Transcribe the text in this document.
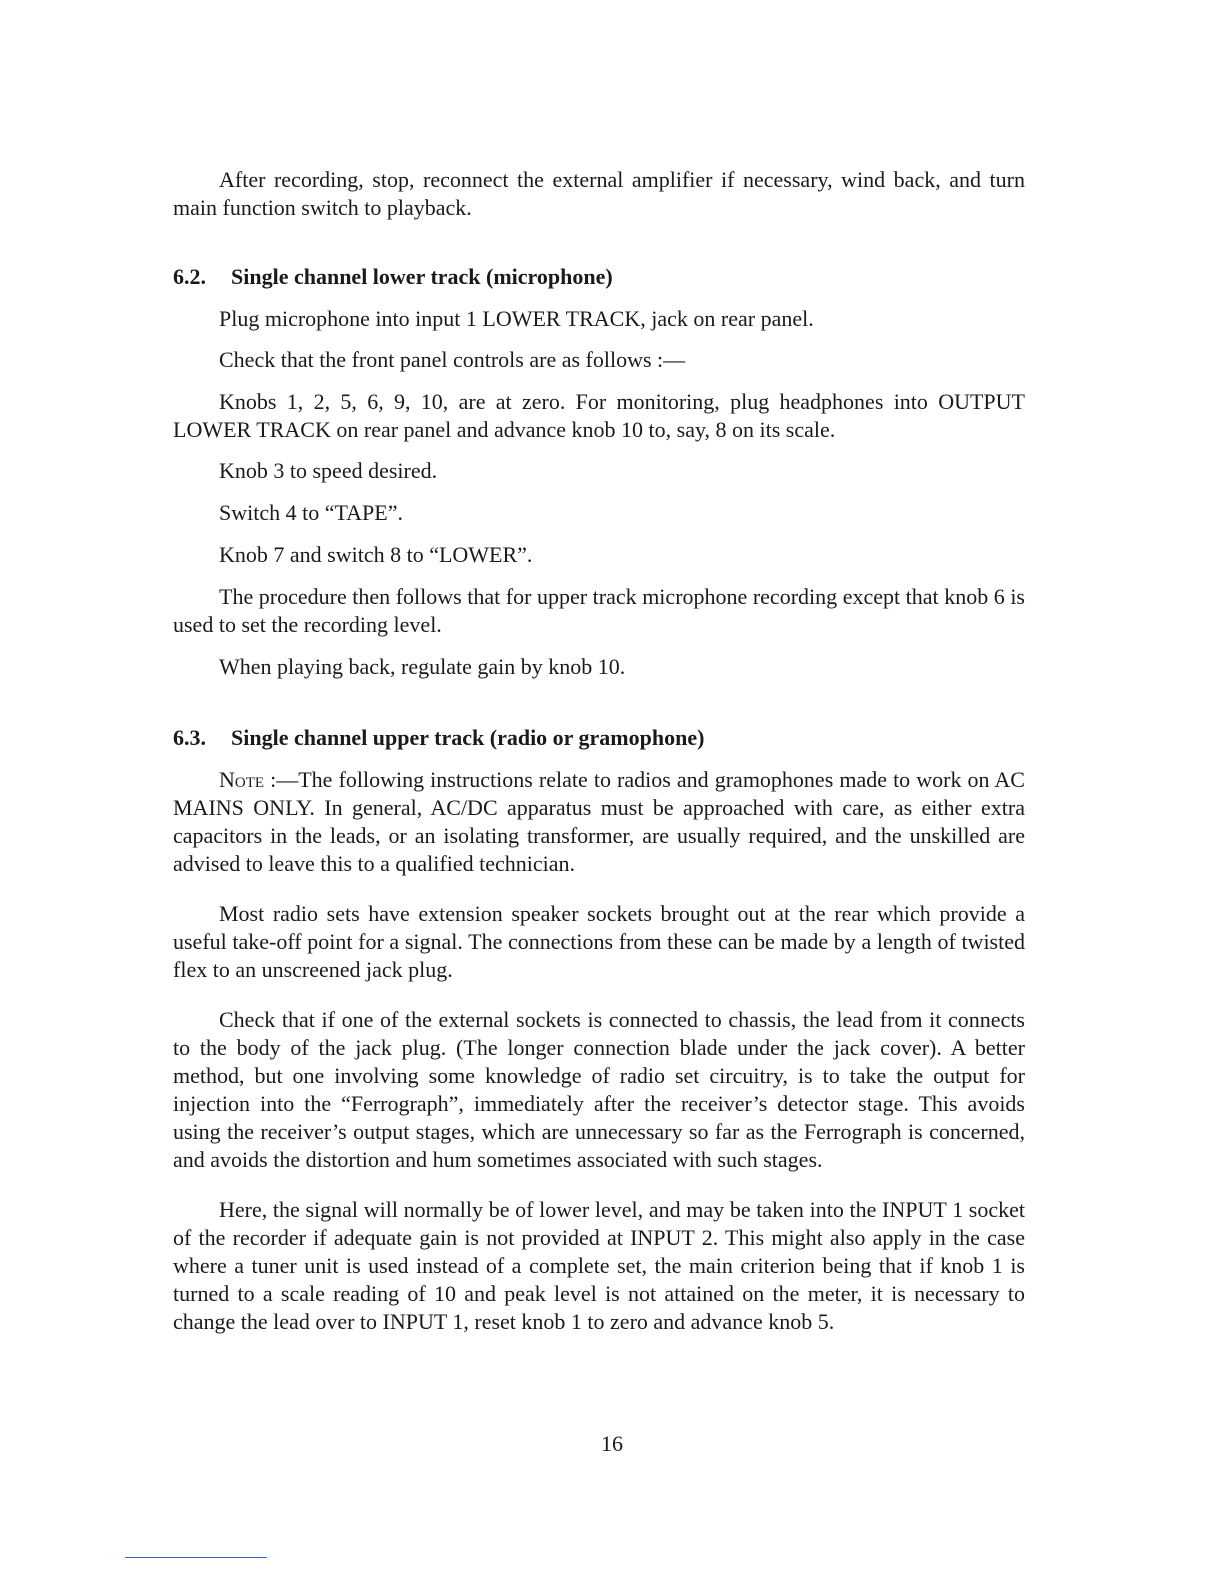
After recording, stop, reconnect the external amplifier if necessary, wind back, and turn main function switch to playback.

6.2. Single channel lower track (microphone)

Plug microphone into input 1 LOWER TRACK, jack on rear panel.

Check that the front panel controls are as follows :—

Knobs 1, 2, 5, 6, 9, 10, are at zero. For monitoring, plug headphones into OUTPUT LOWER TRACK on rear panel and advance knob 10 to, say, 8 on its scale.

Knob 3 to speed desired.

Switch 4 to “TAPE”.

Knob 7 and switch 8 to “LOWER”.

The procedure then follows that for upper track microphone recording except that knob 6 is used to set the recording level.

When playing back, regulate gain by knob 10.

6.3. Single channel upper track (radio or gramophone)

Note :—The following instructions relate to radios and gramophones made to work on AC MAINS ONLY. In general, AC/DC apparatus must be approached with care, as either extra capacitors in the leads, or an isolating transformer, are usually required, and the unskilled are advised to leave this to a qualified technician.

Most radio sets have extension speaker sockets brought out at the rear which provide a useful take-off point for a signal. The connections from these can be made by a length of twisted flex to an unscreened jack plug.

Check that if one of the external sockets is connected to chassis, the lead from it connects to the body of the jack plug. (The longer connection blade under the jack cover). A better method, but one involving some knowledge of radio set circuitry, is to take the output for injection into the “Ferrograph”, immediately after the receiver’s detector stage. This avoids using the receiver’s output stages, which are unnecessary so far as the Ferrograph is concerned, and avoids the distortion and hum sometimes associated with such stages.

Here, the signal will normally be of lower level, and may be taken into the INPUT 1 socket of the recorder if adequate gain is not provided at INPUT 2. This might also apply in the case where a tuner unit is used instead of a complete set, the main criterion being that if knob 1 is turned to a scale reading of 10 and peak level is not attained on the meter, it is necessary to change the lead over to INPUT 1, reset knob 1 to zero and advance knob 5.

16
